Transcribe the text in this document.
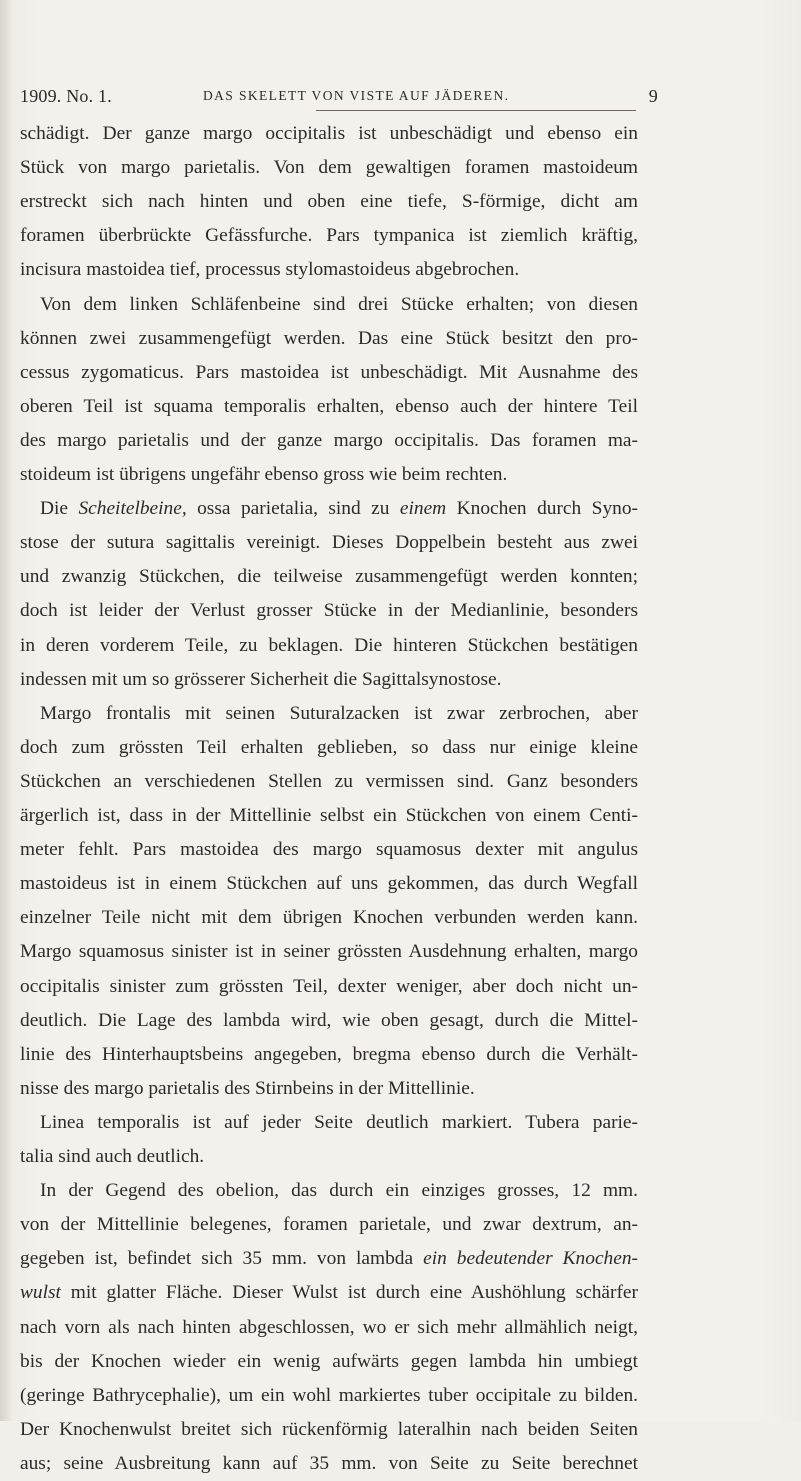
1909. No. 1.	DAS SKELETT VON VISTE AUF JÄDEREN.	9
schädigt. Der ganze margo occipitalis ist unbeschädigt und ebenso ein
Stück von margo parietalis. Von dem gewaltigen foramen mastoideum
erstreckt sich nach hinten und oben eine tiefe, S-förmige, dicht am
foramen überbrückte Gefässfurche. Pars tympanica ist ziemlich kräftig,
incisura mastoidea tief, processus stylomastoideus abgebrochen.
Von dem linken Schläfenbeine sind drei Stücke erhalten; von diesen
können zwei zusammengefügt werden. Das eine Stück besitzt den pro-
cessus zygomaticus. Pars mastoidea ist unbeschädigt. Mit Ausnahme des
oberen Teil ist squama temporalis erhalten, ebenso auch der hintere Teil
des margo parietalis und der ganze margo occipitalis. Das foramen ma-
stoideum ist übrigens ungefähr ebenso gross wie beim rechten.
Die Scheitelbeine, ossa parietalia, sind zu einem Knochen durch Syno-
stose der sutura sagittalis vereinigt. Dieses Doppelbein besteht aus zwei
und zwanzig Stückchen, die teilweise zusammengefügt werden konnten;
doch ist leider der Verlust grosser Stücke in der Medianlinie, besonders
in deren vorderem Teile, zu beklagen. Die hinteren Stückchen bestätigen
indessen mit um so grösserer Sicherheit die Sagittalsynostose.
Margo frontalis mit seinen Suturalzacken ist zwar zerbrochen, aber
doch zum grössten Teil erhalten geblieben, so dass nur einige kleine
Stückchen an verschiedenen Stellen zu vermissen sind. Ganz besonders
ärgerlich ist, dass in der Mittellinie selbst ein Stückchen von einem Centi-
meter fehlt. Pars mastoidea des margo squamosus dexter mit angulus
mastoideus ist in einem Stückchen auf uns gekommen, das durch Wegfall
einzelner Teile nicht mit dem übrigen Knochen verbunden werden kann.
Margo squamosus sinister ist in seiner grössten Ausdehnung erhalten, margo
occipitalis sinister zum grössten Teil, dexter weniger, aber doch nicht un-
deutlich. Die Lage des lambda wird, wie oben gesagt, durch die Mittel-
linie des Hinterhauptsbeins angegeben, bregma ebenso durch die Verhält-
nisse des margo parietalis des Stirnbeins in der Mittellinie.
Linea temporalis ist auf jeder Seite deutlich markiert. Tubera parie-
talia sind auch deutlich.
In der Gegend des obelion, das durch ein einziges grosses, 12 mm.
von der Mittellinie belegenes, foramen parietale, und zwar dextrum, an-
gegeben ist, befindet sich 35 mm. von lambda ein bedeutender Knochen-
wulst mit glatter Fläche. Dieser Wulst ist durch eine Aushöhlung schärfer
nach vorn als nach hinten abgeschlossen, wo er sich mehr allmählich neigt,
bis der Knochen wieder ein wenig aufwärts gegen lambda hin umbiegt
(geringe Bathrycephalie), um ein wohl markiertes tuber occipitale zu bilden.
Der Knochenwulst breitet sich rückenförmig lateralhin nach beiden Seiten
aus; seine Ausbreitung kann auf 35 mm. von Seite zu Seite berechnet
